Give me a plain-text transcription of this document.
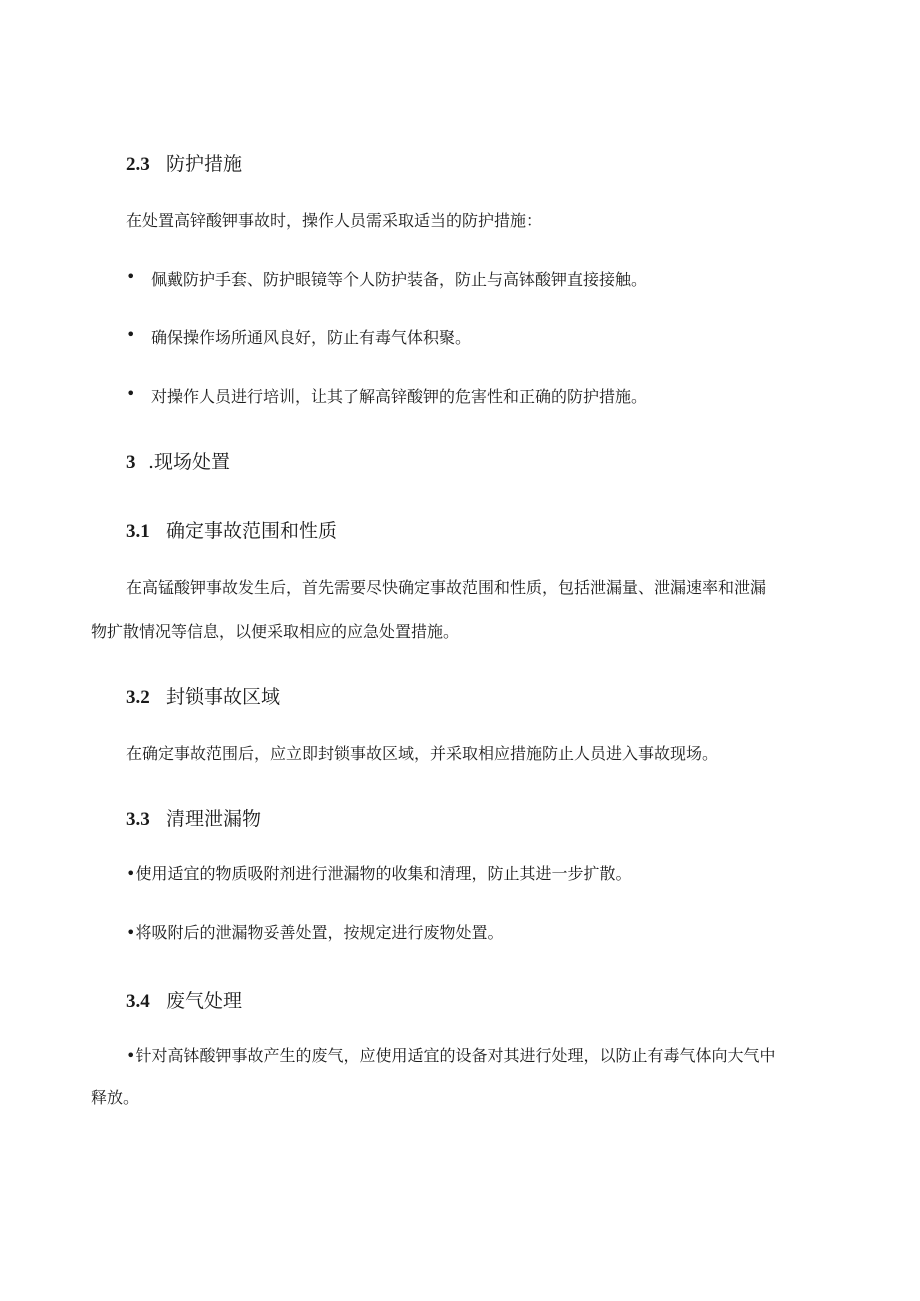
2.3 防护措施
在处置高锌酸钾事故时，操作人员需采取适当的防护措施：
• 佩戴防护手套、防护眼镜等个人防护装备，防止与高钵酸钾直接接触。
• 确保操作场所通风良好，防止有毒气体积聚。
• 对操作人员进行培训，让其了解高锌酸钾的危害性和正确的防护措施。
3 .现场处置
3.1 确定事故范围和性质
在高锰酸钾事故发生后，首先需要尽快确定事故范围和性质，包括泄漏量、泄漏速率和泄漏
物扩散情况等信息，以便采取相应的应急处置措施。
3.2 封锁事故区域
在确定事故范围后，应立即封锁事故区域，并采取相应措施防止人员进入事故现场。
3.3 清理泄漏物
•使用适宜的物质吸附剂进行泄漏物的收集和清理，防止其进一步扩散。
•将吸附后的泄漏物妥善处置，按规定进行废物处置。
3.4 废气处理
•针对高钵酸钾事故产生的废气，应使用适宜的设备对其进行处理，以防止有毒气体向大气中
释放。
